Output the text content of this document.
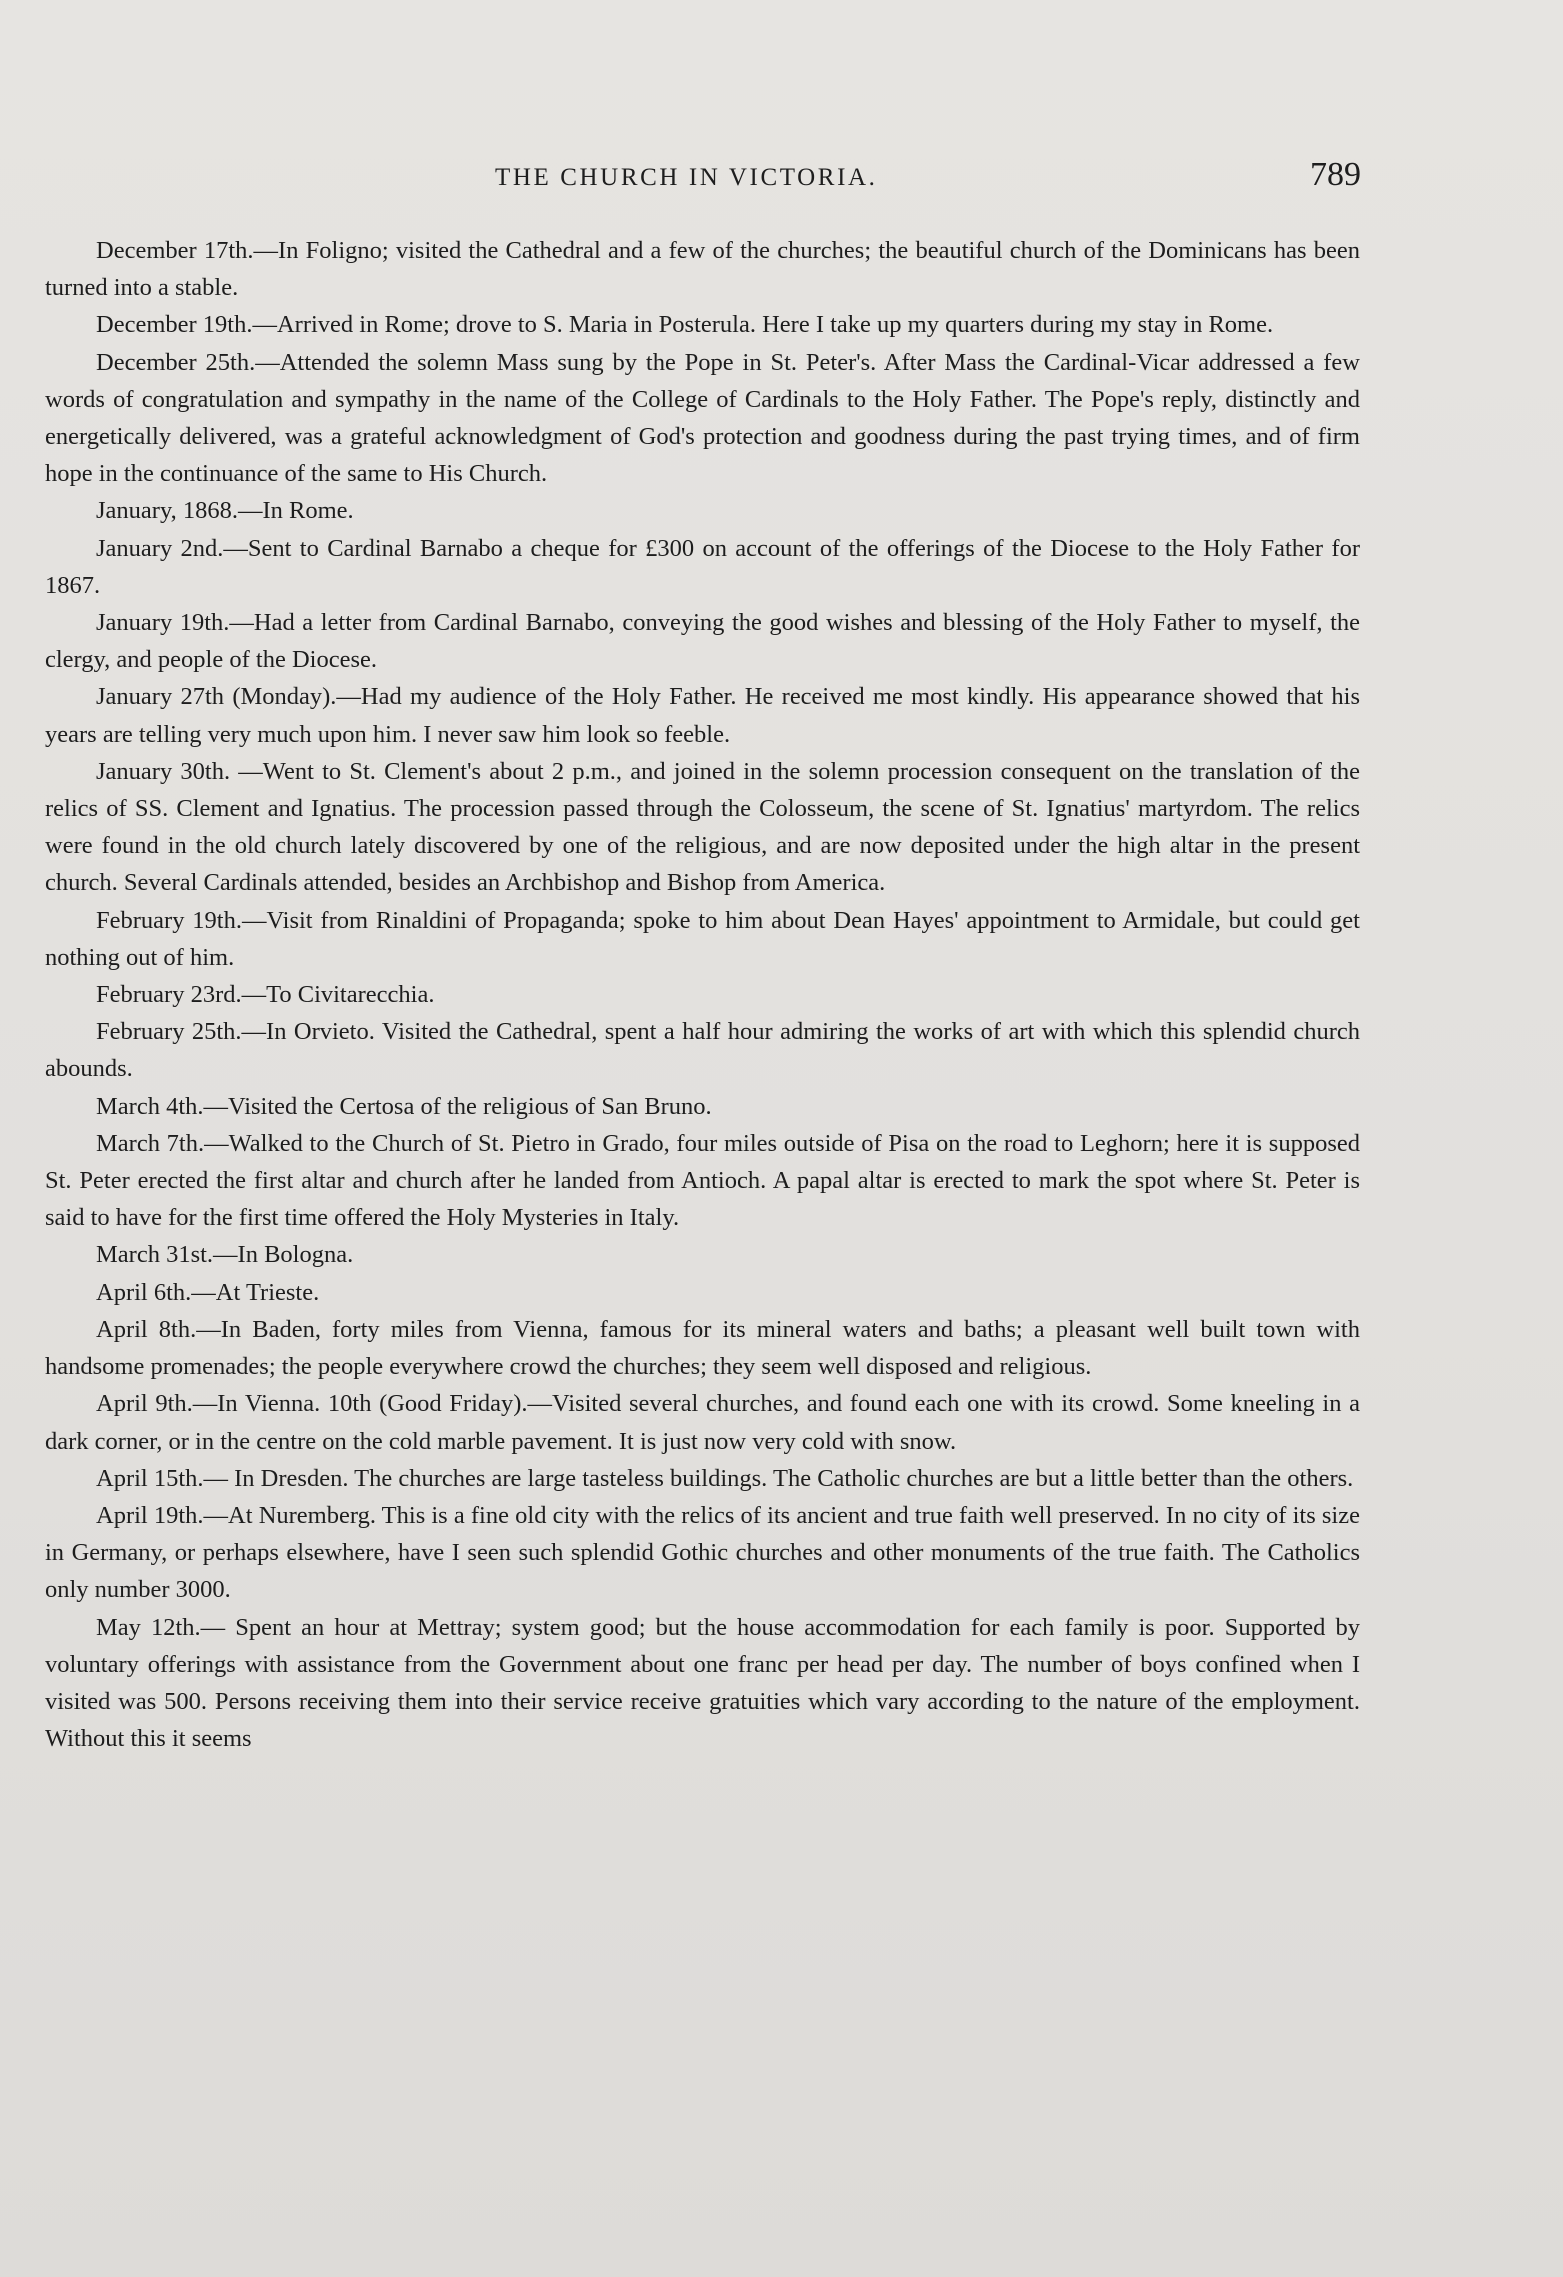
THE CHURCH IN VICTORIA.	789

December 17th.—In Foligno; visited the Cathedral and a few of the churches; the beautiful church of the Dominicans has been turned into a stable.

December 19th.—Arrived in Rome; drove to S. Maria in Posterula. Here I take up my quarters during my stay in Rome.

December 25th.—Attended the solemn Mass sung by the Pope in St. Peter's. After Mass the Cardinal-Vicar addressed a few words of congratulation and sympathy in the name of the College of Cardinals to the Holy Father. The Pope's reply, distinctly and energetically delivered, was a grateful acknowledgment of God's protection and goodness during the past trying times, and of firm hope in the continuance of the same to His Church.

January, 1868.—In Rome.

January 2nd.—Sent to Cardinal Barnabo a cheque for £300 on account of the offerings of the Diocese to the Holy Father for 1867.

January 19th.—Had a letter from Cardinal Barnabo, conveying the good wishes and blessing of the Holy Father to myself, the clergy, and people of the Diocese.

January 27th (Monday).—Had my audience of the Holy Father. He received me most kindly. His appearance showed that his years are telling very much upon him. I never saw him look so feeble.

January 30th. —Went to St. Clement's about 2 p.m., and joined in the solemn procession consequent on the translation of the relics of SS. Clement and Ignatius. The procession passed through the Colosseum, the scene of St. Ignatius' martyrdom. The relics were found in the old church lately discovered by one of the religious, and are now deposited under the high altar in the present church. Several Cardinals attended, besides an Archbishop and Bishop from America.

February 19th.—Visit from Rinaldini of Propaganda; spoke to him about Dean Hayes' appointment to Armidale, but could get nothing out of him.

February 23rd.—To Civitarecchia.

February 25th.—In Orvieto. Visited the Cathedral, spent a half hour admiring the works of art with which this splendid church abounds.

March 4th.—Visited the Certosa of the religious of San Bruno.

March 7th.—Walked to the Church of St. Pietro in Grado, four miles outside of Pisa on the road to Leghorn; here it is supposed St. Peter erected the first altar and church after he landed from Antioch. A papal altar is erected to mark the spot where St. Peter is said to have for the first time offered the Holy Mysteries in Italy.

March 31st.—In Bologna.

April 6th.—At Trieste.

April 8th.—In Baden, forty miles from Vienna, famous for its mineral waters and baths; a pleasant well built town with handsome promenades; the people everywhere crowd the churches; they seem well disposed and religious.

April 9th.—In Vienna. 10th (Good Friday).—Visited several churches, and found each one with its crowd. Some kneeling in a dark corner, or in the centre on the cold marble pavement. It is just now very cold with snow.

April 15th.— In Dresden. The churches are large tasteless buildings. The Catholic churches are but a little better than the others.

April 19th.—At Nuremberg. This is a fine old city with the relics of its ancient and true faith well preserved. In no city of its size in Germany, or perhaps elsewhere, have I seen such splendid Gothic churches and other monuments of the true faith. The Catholics only number 3000.

May 12th.— Spent an hour at Mettray; system good; but the house accommodation for each family is poor. Supported by voluntary offerings with assistance from the Government about one franc per head per day. The number of boys confined when I visited was 500. Persons receiving them into their service receive gratuities which vary according to the nature of the employment. Without this it seems
